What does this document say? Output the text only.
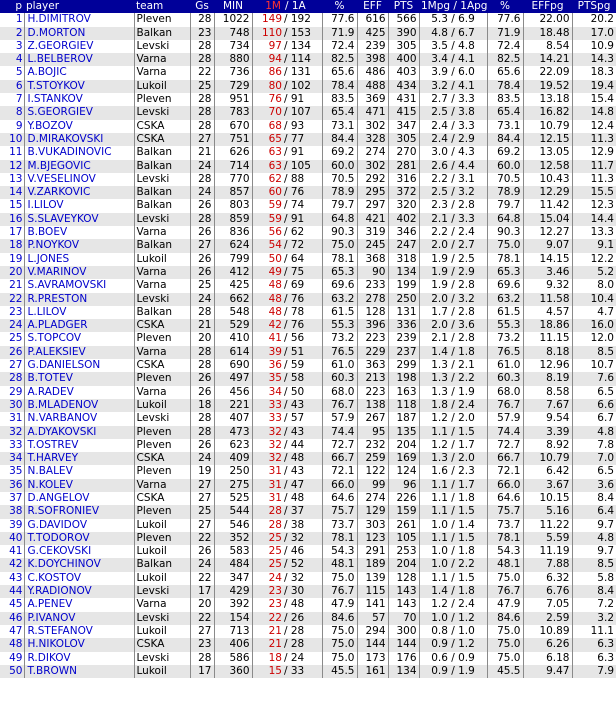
p	player	team	Gs	MIN	1M	/ 1A	%	EFF	PTS	1Mpg / 1Apg	%	EFFpg	PTSpg
1	H.DIMITROV	Pleven	28	1022	149	/ 192	77.6	616	566	5.3 / 6.9	77.6	22.00	20.2
2	D.MORTON	Balkan	23	748	110	/ 153	71.9	425	390	4.8 / 6.7	71.9	18.48	17.0
3	Z.GEORGIEV	Levski	28	734	97	/ 134	72.4	239	305	3.5 / 4.8	72.4	8.54	10.9
4	L.BELBEROV	Varna	28	880	94	/ 114	82.5	398	400	3.4 / 4.1	82.5	14.21	14.3
5	A.BOJIC	Varna	22	736	86	/ 131	65.6	486	403	3.9 / 6.0	65.6	22.09	18.3
6	T.STOYKOV	Lukoil	25	729	80	/ 102	78.4	488	434	3.2 / 4.1	78.4	19.52	19.4
7	I.STANKOV	Pleven	28	951	76	/ 91	83.5	369	431	2.7 / 3.3	83.5	13.18	15.4
8	S.GEORGIEV	Levski	28	783	70	/ 107	65.4	471	415	2.5 / 3.8	65.4	16.82	14.8
9	Y.BOZOV	CSKA	28	670	68	/ 93	73.1	302	347	2.4 / 3.3	73.1	10.79	12.4
10	D.MIRAKOVSKI	CSKA	27	751	65	/ 77	84.4	328	305	2.4 / 2.9	84.4	12.15	11.3
11	B.VUKADINOVIC	Balkan	21	626	63	/ 91	69.2	274	270	3.0 / 4.3	69.2	13.05	12.9
12	M.BJEGOVIC	Balkan	24	714	63	/ 105	60.0	302	281	2.6 / 4.4	60.0	12.58	11.7
13	V.VESELINOV	Levski	28	770	62	/ 88	70.5	292	316	2.2 / 3.1	70.5	10.43	11.3
14	V.ZARKOVIC	Balkan	24	857	60	/ 76	78.9	295	372	2.5 / 3.2	78.9	12.29	15.5
15	I.LILOV	Balkan	26	803	59	/ 74	79.7	297	320	2.3 / 2.8	79.7	11.42	12.3
16	S.SLAVEYKOV	Levski	28	859	59	/ 91	64.8	421	402	2.1 / 3.3	64.8	15.04	14.4
17	B.BOEV	Varna	26	836	56	/ 62	90.3	319	346	2.2 / 2.4	90.3	12.27	13.3
18	P.NOYKOV	Balkan	27	624	54	/ 72	75.0	245	247	2.0 / 2.7	75.0	9.07	9.1
19	L.JONES	Lukoil	26	799	50	/ 64	78.1	368	318	1.9 / 2.5	78.1	14.15	12.2
20	V.MARINOV	Varna	26	412	49	/ 75	65.3	90	134	1.9 / 2.9	65.3	3.46	5.2
21	S.AVRAMOVSKI	Varna	25	425	48	/ 69	69.6	233	199	1.9 / 2.8	69.6	9.32	8.0
22	R.PRESTON	Levski	24	662	48	/ 76	63.2	278	250	2.0 / 3.2	63.2	11.58	10.4
23	L.LILOV	Balkan	28	548	48	/ 78	61.5	128	131	1.7 / 2.8	61.5	4.57	4.7
24	A.PLADGER	CSKA	21	529	42	/ 76	55.3	396	336	2.0 / 3.6	55.3	18.86	16.0
25	S.TOPCOV	Pleven	20	410	41	/ 56	73.2	223	239	2.1 / 2.8	73.2	11.15	12.0
26	P.ALEKSIEV	Varna	28	614	39	/ 51	76.5	229	237	1.4 / 1.8	76.5	8.18	8.5
27	G.DANIELSON	CSKA	28	690	36	/ 59	61.0	363	299	1.3 / 2.1	61.0	12.96	10.7
28	B.TOTEV	Pleven	26	497	35	/ 58	60.3	213	198	1.3 / 2.2	60.3	8.19	7.6
29	A.RADEV	Varna	26	456	34	/ 50	68.0	223	163	1.3 / 1.9	68.0	8.58	6.5
30	B.MLADENOV	Lukoil	18	221	33	/ 43	76.7	138	118	1.8 / 2.4	76.7	7.67	6.6
31	N.VARBANOV	Levski	28	407	33	/ 57	57.9	267	187	1.2 / 2.0	57.9	9.54	6.7
32	A.DYAKOVSKI	Pleven	28	473	32	/ 43	74.4	95	135	1.1 / 1.5	74.4	3.39	4.8
33	T.OSTREV	Pleven	26	623	32	/ 44	72.7	232	204	1.2 / 1.7	72.7	8.92	7.8
34	T.HARVEY	CSKA	24	409	32	/ 48	66.7	259	169	1.3 / 2.0	66.7	10.79	7.0
35	N.BALEV	Pleven	19	250	31	/ 43	72.1	122	124	1.6 / 2.3	72.1	6.42	6.5
36	N.KOLEV	Varna	27	275	31	/ 47	66.0	99	96	1.1 / 1.7	66.0	3.67	3.6
37	D.ANGELOV	CSKA	27	525	31	/ 48	64.6	274	226	1.1 / 1.8	64.6	10.15	8.4
38	R.SOFRONIEV	Pleven	25	544	28	/ 37	75.7	129	159	1.1 / 1.5	75.7	5.16	6.4
39	G.DAVIDOV	Lukoil	27	546	28	/ 38	73.7	303	261	1.0 / 1.4	73.7	11.22	9.7
40	T.TODOROV	Pleven	22	352	25	/ 32	78.1	123	105	1.1 / 1.5	78.1	5.59	4.8
41	G.CEKOVSKI	Lukoil	26	583	25	/ 46	54.3	291	253	1.0 / 1.8	54.3	11.19	9.7
42	K.DOYCHINOV	Balkan	24	484	25	/ 52	48.1	189	204	1.0 / 2.2	48.1	7.88	8.5
43	C.KOSTOV	Lukoil	22	347	24	/ 32	75.0	139	128	1.1 / 1.5	75.0	6.32	5.8
44	Y.RADIONOV	Levski	17	429	23	/ 30	76.7	115	143	1.4 / 1.8	76.7	6.76	8.4
45	A.PENEV	Varna	20	392	23	/ 48	47.9	141	143	1.2 / 2.4	47.9	7.05	7.2
46	P.IVANOV	Levski	22	154	22	/ 26	84.6	57	70	1.0 / 1.2	84.6	2.59	3.2
47	R.STEFANOV	Lukoil	27	713	21	/ 28	75.0	294	300	0.8 / 1.0	75.0	10.89	11.1
48	H.NIKOLOV	CSKA	23	406	21	/ 28	75.0	144	144	0.9 / 1.2	75.0	6.26	6.3
49	R.DIKOV	Levski	28	586	18	/ 24	75.0	173	176	0.6 / 0.9	75.0	6.18	6.3
50	T.BROWN	Lukoil	17	360	15	/ 33	45.5	161	134	0.9 / 1.9	45.5	9.47	7.9
